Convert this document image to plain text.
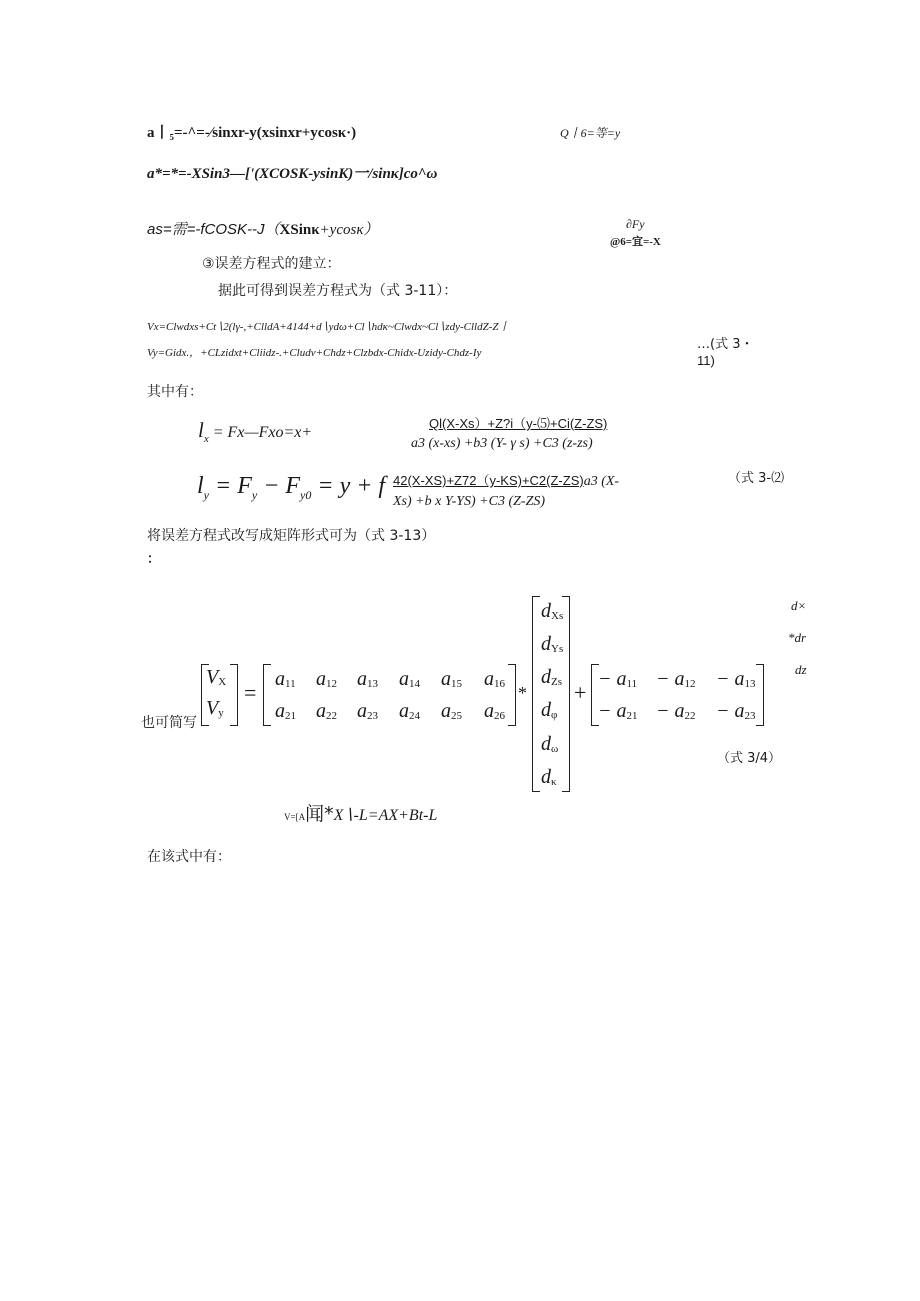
a丨₅=-^=-∕sinxr-y(xsinxr+ycosκ·)	Q丨6=等=y
a*=*=-XSin3—['(XCOSK-ysinK)一/sinκ]co^ω
as=需=-fCOSK--J（XSinκ+ycosκ）	∂Fy
@6=宜=-X
③误差方程式的建立：
据此可得到误差方程式为（式 3-11）：
Vx=Clwdxs+Ct∖2(lγ-,+ClldA+4144+d∖ydω+Cl∖hdκ~Clwdx~Cl∖zdy-ClldZ-Z丨
Vy=Gidx.，+CLzidxt+Cliidz-.+Cludv+Chdz+Clzbdx-Chidx-Uzidy-Chdz-Iy
…(式 3・
11)
其中有：
$l_x$ = Fx—Fxo=x+
Ql(X-Xs）+Z?i（y-⑸+Ci(Z-ZS)
a3 (x-xs) +b3 (Y- γ s) +C3 (z-zs)
$l_y = F_y - F_{y0} = y + f$ 42(X-XS)+Z72（y-KS)+C2(Z-ZS)a3 (X-
Xs) +b x Y-YS) +C3 (Z-ZS)
（式 3-⑵
将误差方程式改写成矩阵形式可为（式 3-13）
：
d×
*dr
dz
也可简写
$V_X$
$V_y$
=
$a_{11}$ $a_{12}$ $a_{13}$ $a_{14}$ $a_{15}$ $a_{16}$
$a_{21}$ $a_{22}$ $a_{23}$ $a_{24}$ $a_{25}$ $a_{26}$
*
$d_{Xs}$
$d_{Ys}$
$d_{Zs}$
$d_\varphi$
$d_\omega$
$d_\kappa$
+
− $a_{11} - a_{12} - a_{13}$
− $a_{21} - a_{22} - a_{23}$
（式 3/4）
V=[A闻*X∖-L=AX+Bt-L
在该式中有：
